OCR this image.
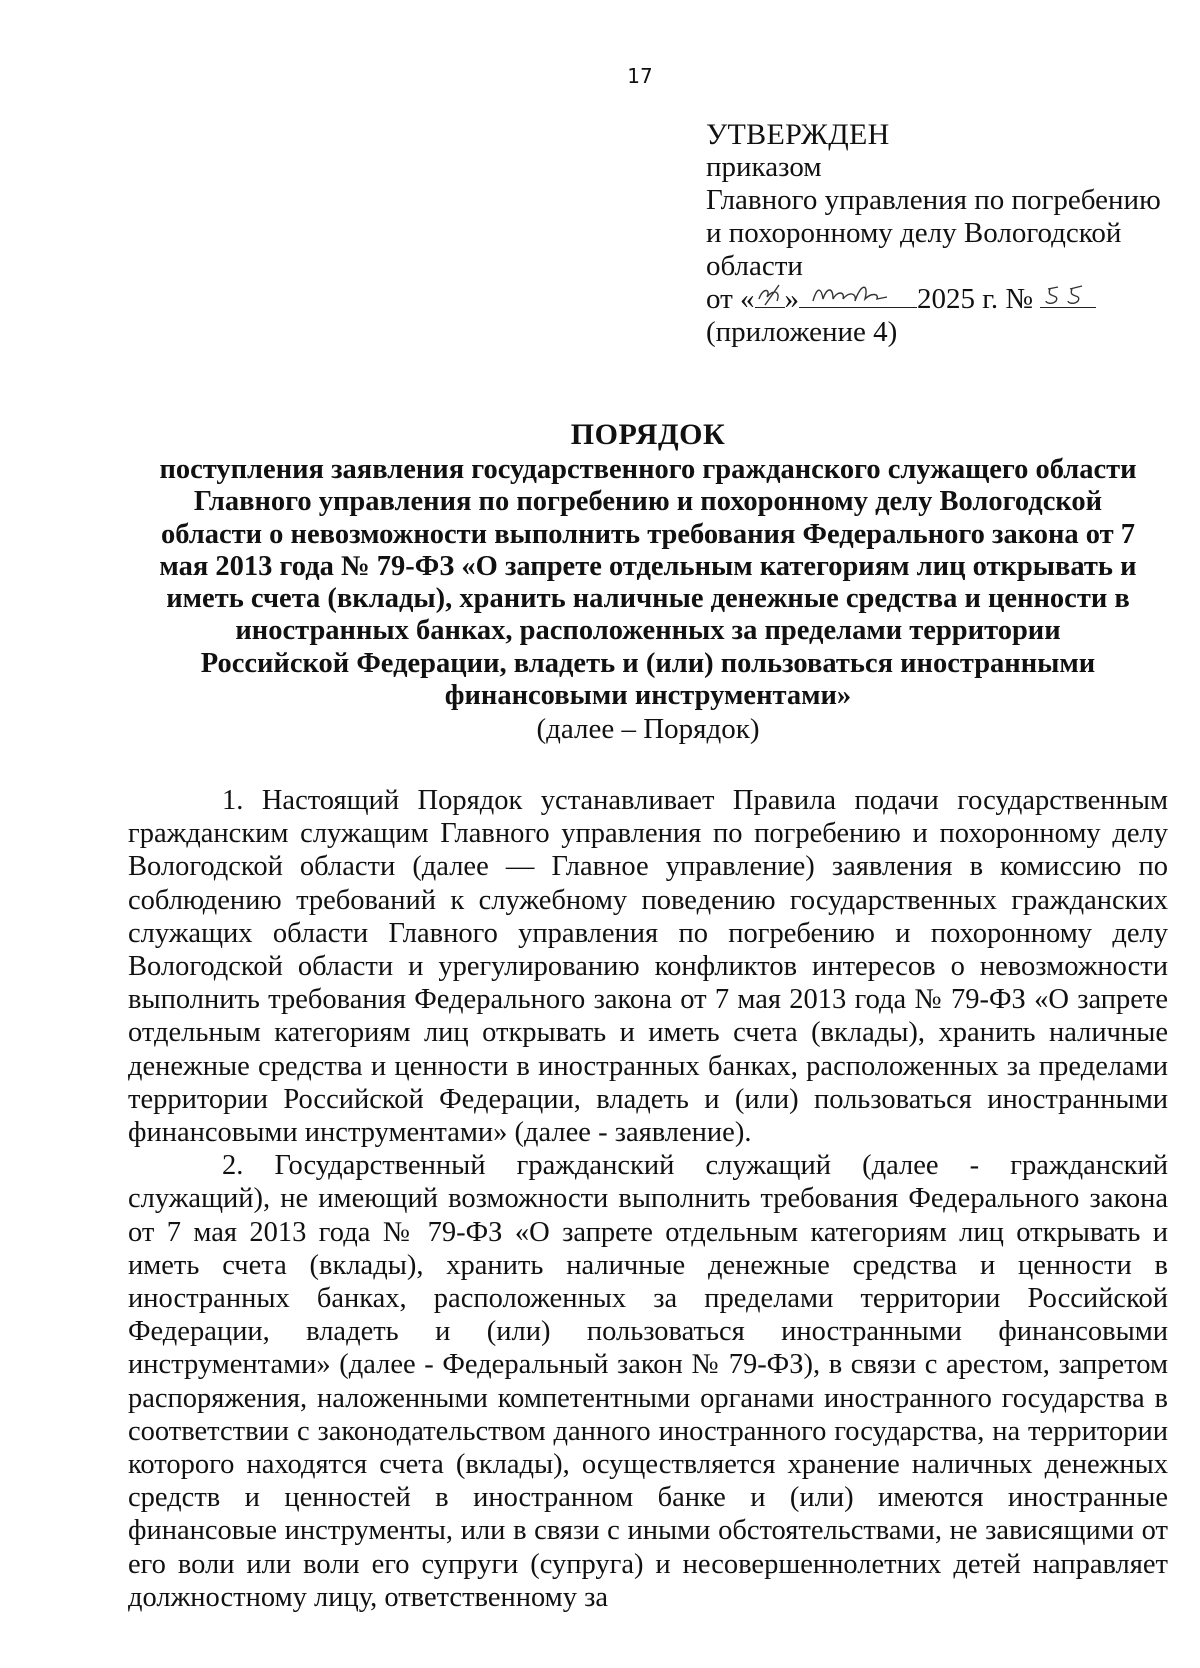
17
УТВЕРЖДЕН
приказом
Главного управления по погребению
и похоронному делу Вологодской
области
от « »	2025 г. №
(приложение 4)
ПОРЯДОК
поступления заявления государственного гражданского служащего области
Главного управления по погребению и похоронному делу Вологодской
области о невозможности выполнить требования Федерального закона от 7
мая 2013 года № 79-ФЗ «О запрете отдельным категориям лиц открывать и
иметь счета (вклады), хранить наличные денежные средства и ценности в
иностранных банках, расположенных за пределами территории
Российской Федерации, владеть и (или) пользоваться иностранными
финансовыми инструментами»
(далее – Порядок)

1. Настоящий Порядок устанавливает Правила подачи государственным гражданским служащим Главного управления по погребению и похоронному делу Вологодской области (далее — Главное управление) заявления в комиссию по соблюдению требований к служебному поведению государственных гражданских служащих области Главного управления по погребению и похоронному делу Вологодской области и урегулированию конфликтов интересов о невозможности выполнить требования Федерального закона от 7 мая 2013 года № 79-ФЗ «О запрете отдельным категориям лиц открывать и иметь счета (вклады), хранить наличные денежные средства и ценности в иностранных банках, расположенных за пределами территории Российской Федерации, владеть и (или) пользоваться иностранными финансовыми инструментами» (далее - заявление).

2. Государственный гражданский служащий (далее - гражданский служащий), не имеющий возможности выполнить требования Федерального закона от 7 мая 2013 года № 79-ФЗ «О запрете отдельным категориям лиц открывать и иметь счета (вклады), хранить наличные денежные средства и ценности в иностранных банках, расположенных за пределами территории Российской Федерации, владеть и (или) пользоваться иностранными финансовыми инструментами» (далее - Федеральный закон № 79-ФЗ), в связи с арестом, запретом распоряжения, наложенными компетентными органами иностранного государства в соответствии с законодательством данного иностранного государства, на территории которого находятся счета (вклады), осуществляется хранение наличных денежных средств и ценностей в иностранном банке и (или) имеются иностранные финансовые инструменты, или в связи с иными обстоятельствами, не зависящими от его воли или воли его супруги (супруга) и несовершеннолетних детей направляет должностному лицу, ответственному за
